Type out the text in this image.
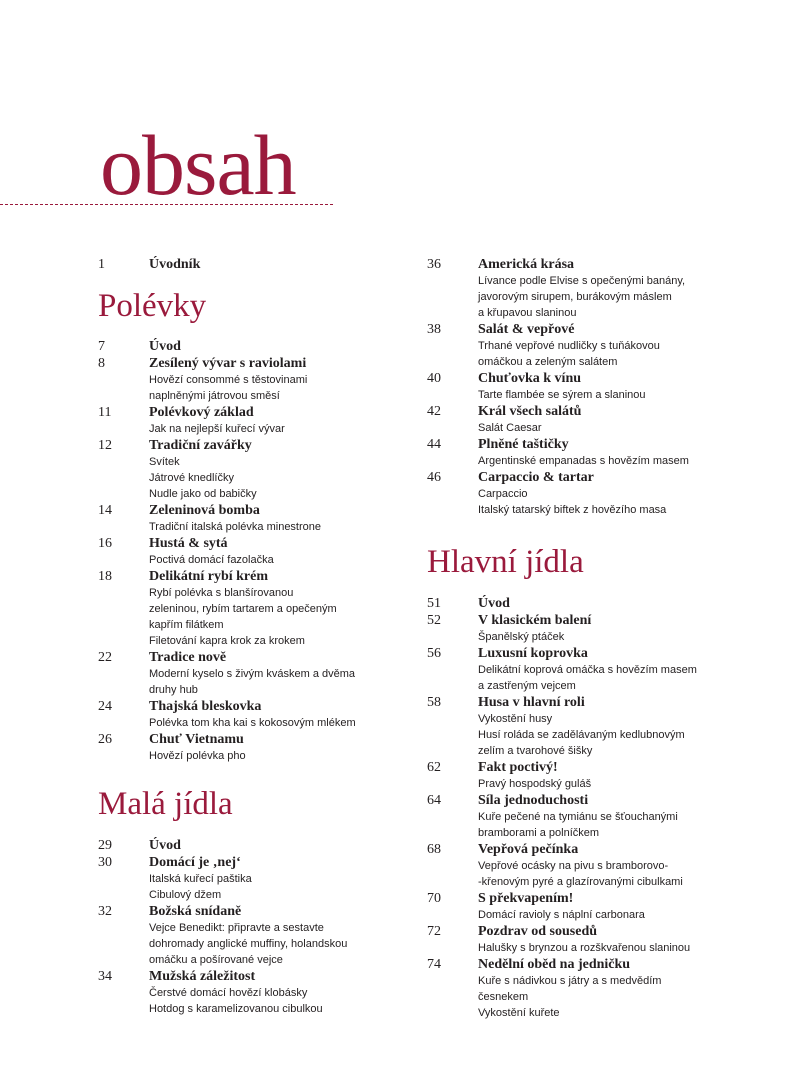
obsah
1	Úvodník
Polévky
7	Úvod
8	Zesílený vývar s raviolami
Hovězí consommé s těstovinami
naplněnými játrovou směsí
11	Polévkový základ
Jak na nejlepší kuřecí vývar
12	Tradiční zavářky
Svítek
Játrové knedlíčky
Nudle jako od babičky
14	Zeleninová bomba
Tradiční italská polévka minestrone
16	Hustá & sytá
Poctivá domácí fazolačka
18	Delikátní rybí krém
Rybí polévka s blanšírovanou
zeleninou, rybím tartarem a opečeným
kapřím filátkem
Filetování kapra krok za krokem
22	Tradice nově
Moderní kyselo s živým kváskem a dvěma
druhy hub
24	Thajská bleskovka
Polévka tom kha kai s kokosovým mlékem
26	Chuť Vietnamu
Hovězí polévka pho
Malá jídla
29	Úvod
30	Domácí je ‚nej‘
Italská kuřecí paštika
Cibulový džem
32	Božská snídaně
Vejce Benedikt: připravte a sestavte
dohromady anglické muffiny, holandskou
omáčku a pošírované vejce
34	Mužská záležitost
Čerstvé domácí hovězí klobásky
Hotdog s karamelizovanou cibulkou
36	Americká krása
Lívance podle Elvise s opečenými banány,
javorovým sirupem, burákovým máslem
a křupavou slaninou
38	Salát & vepřové
Trhané vepřové nudličky s tuňákovou
omáčkou a zeleným salátem
40	Chuťovka k vínu
Tarte flambée se sýrem a slaninou
42	Král všech salátů
Salát Caesar
44	Plněné taštičky
Argentinské empanadas s hovězím masem
46	Carpaccio & tartar
Carpaccio
Italský tatarský biftek z hovězího masa
Hlavní jídla
51	Úvod
52	V klasickém balení
Španělský ptáček
56	Luxusní koprovka
Delikátní koprová omáčka s hovězím masem
a zastřeným vejcem
58	Husa v hlavní roli
Vykostění husy
Husí roláda se zadělávaným kedlubnovým
zelím a tvarohové šišky
62	Fakt poctivý!
Pravý hospodský guláš
64	Síla jednoduchosti
Kuře pečené na tymiánu se šťouchanými
bramborami a polníčkem
68	Vepřová pečínka
Vepřové ocásky na pivu s bramborovo-
-křenovým pyré a glazírovanými cibulkami
70	S překvapením!
Domácí ravioly s náplní carbonara
72	Pozdrav od sousedů
Halušky s brynzou a rozškvařenou slaninou
74	Nedělní oběd na jedničku
Kuře s nádivkou s játry a s medvědím
česnekem
Vykostění kuřete
